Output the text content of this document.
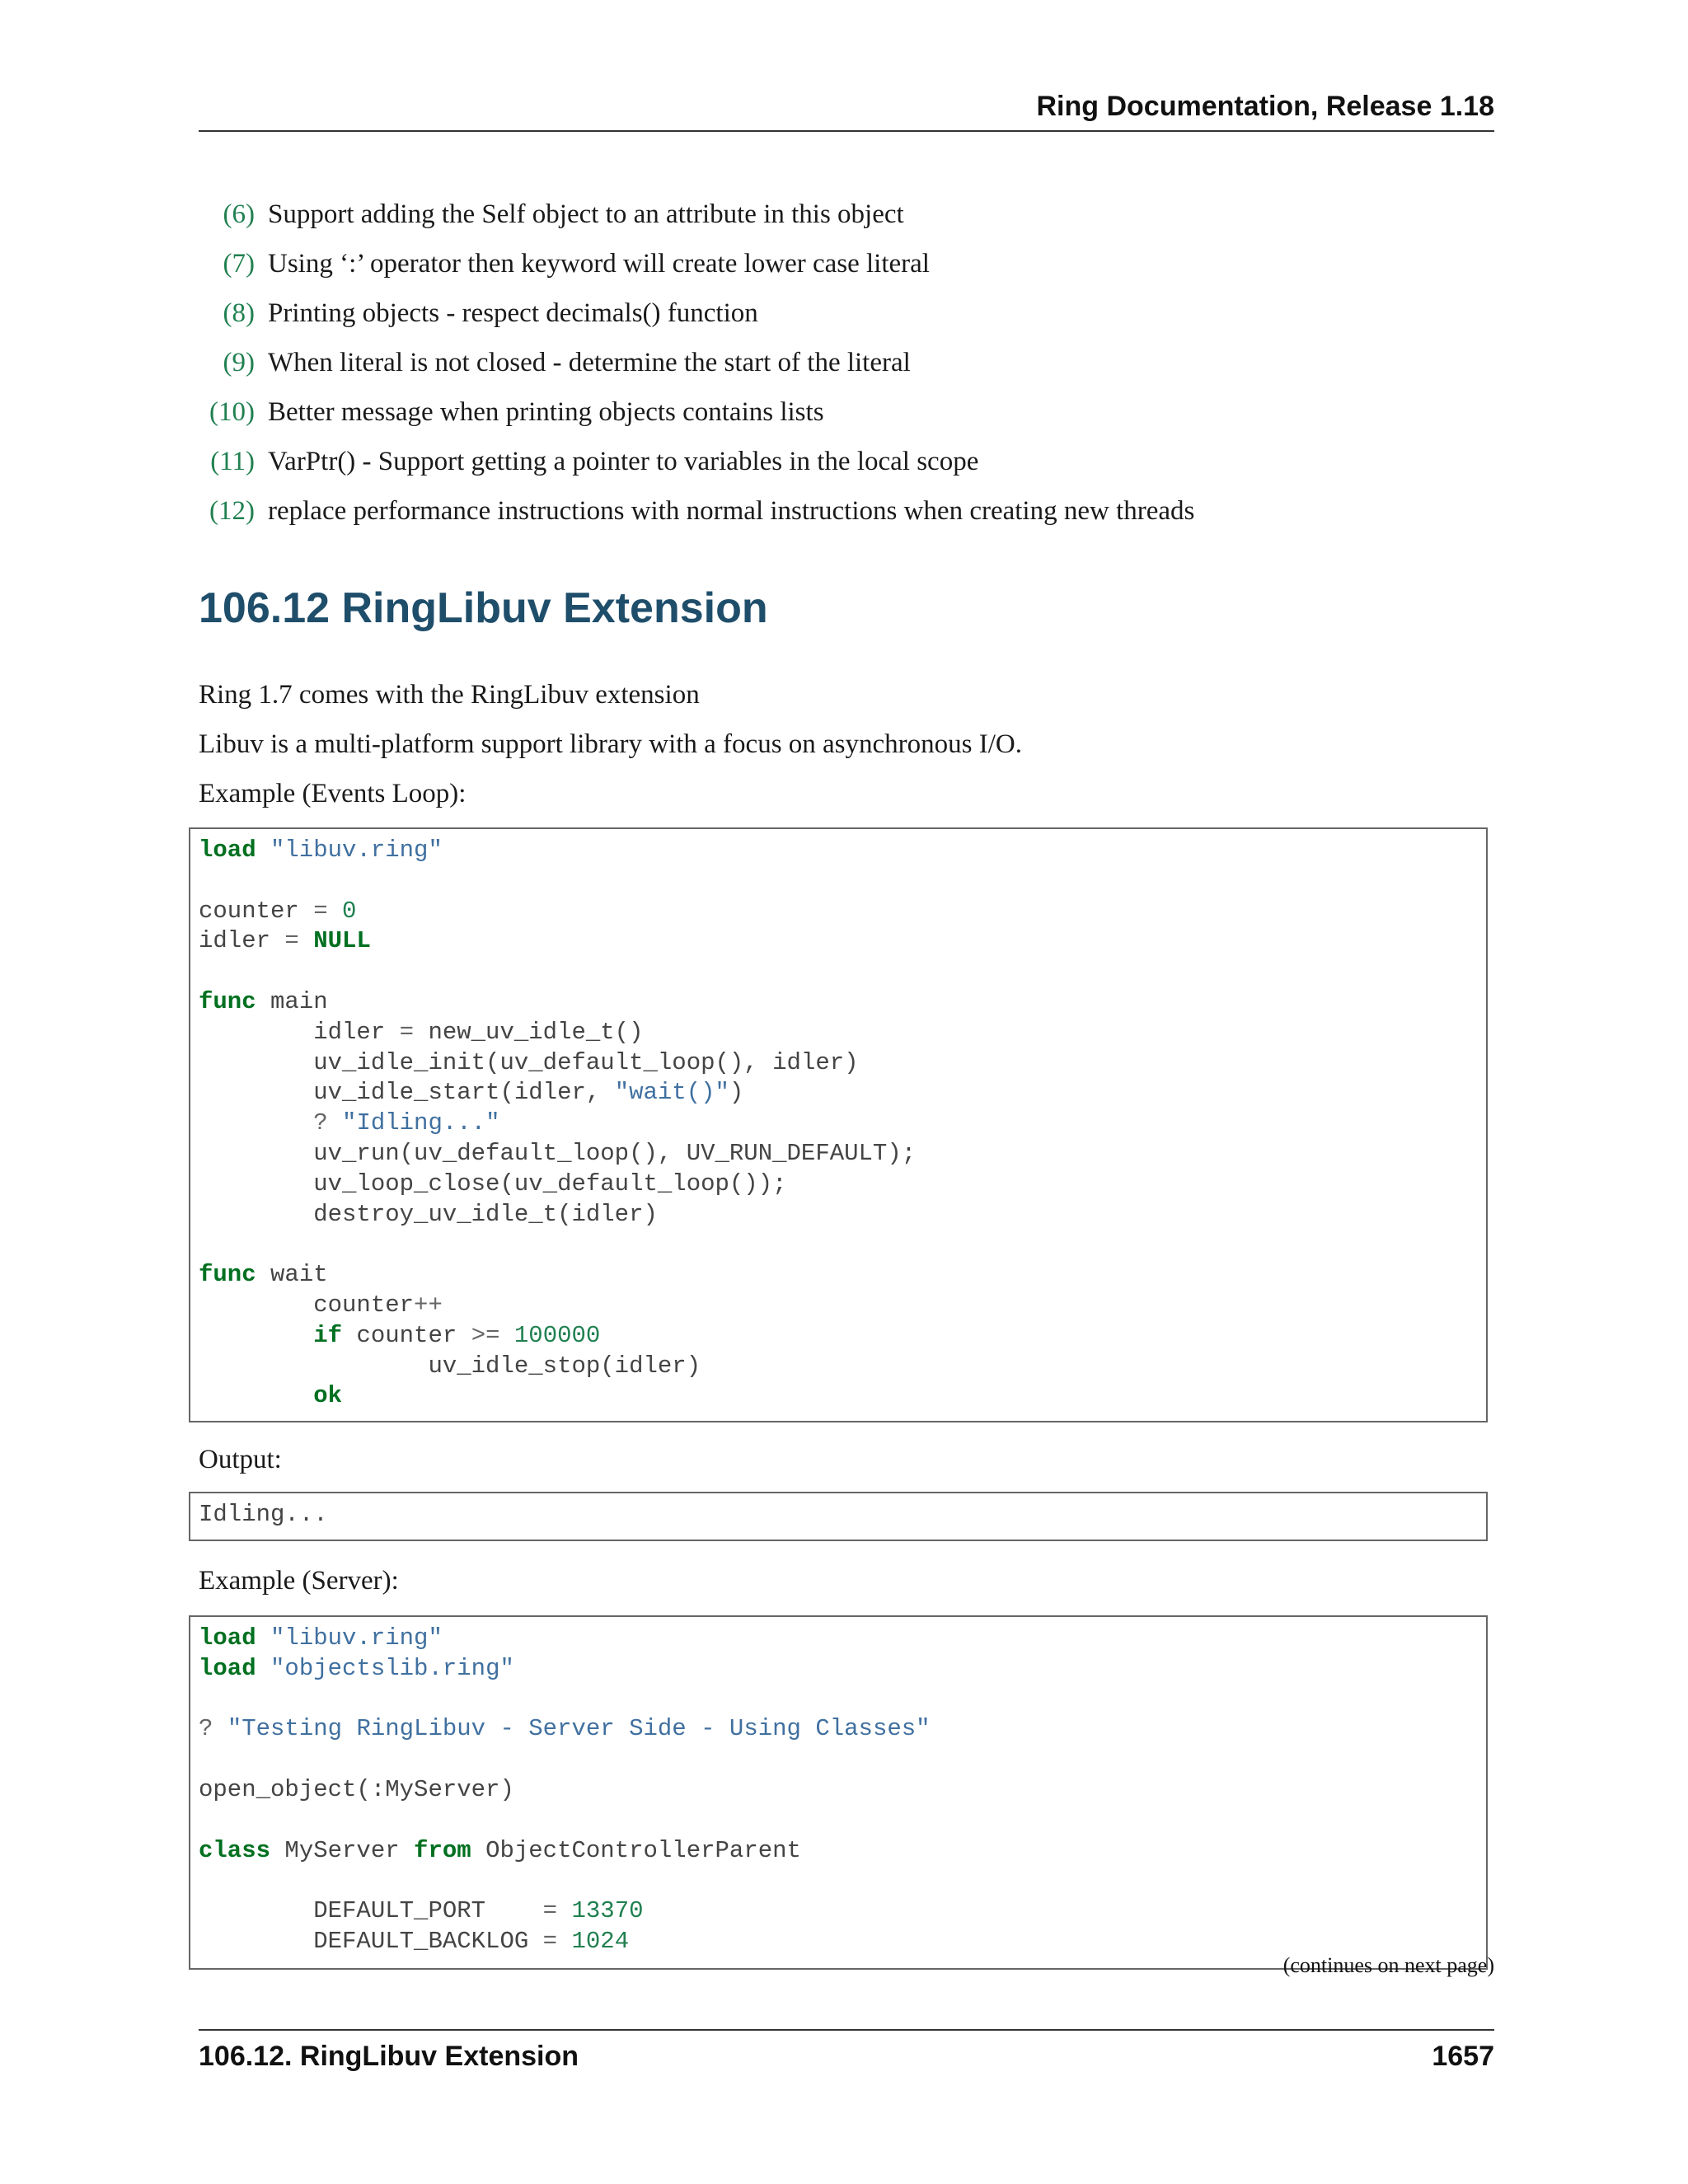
Ring Documentation, Release 1.18
(6) Support adding the Self object to an attribute in this object
(7) Using ‘:’ operator then keyword will create lower case literal
(8) Printing objects - respect decimals() function
(9) When literal is not closed - determine the start of the literal
(10) Better message when printing objects contains lists
(11) VarPtr() - Support getting a pointer to variables in the local scope
(12) replace performance instructions with normal instructions when creating new threads
106.12 RingLibuv Extension

Ring 1.7 comes with the RingLibuv extension

Libuv is a multi-platform support library with a focus on asynchronous I/O.

Example (Events Loop):

load "libuv.ring"

counter = 0
idler = NULL

func main
idler = new_uv_idle_t()
uv_idle_init(uv_default_loop(), idler)
uv_idle_start(idler, "wait()")
? "Idling..."
uv_run(uv_default_loop(), UV_RUN_DEFAULT);
uv_loop_close(uv_default_loop());
destroy_uv_idle_t(idler)

func wait
counter++
if counter >= 100000
uv_idle_stop(idler)
ok

Output:

Idling...

Example (Server):

load "libuv.ring"
load "objectslib.ring"

? "Testing RingLibuv - Server Side - Using Classes"

open_object(:MyServer)

class MyServer from ObjectControllerParent

DEFAULT_PORT    = 13370
DEFAULT_BACKLOG = 1024
(continues on next page)
106.12. RingLibuv Extension	1657
